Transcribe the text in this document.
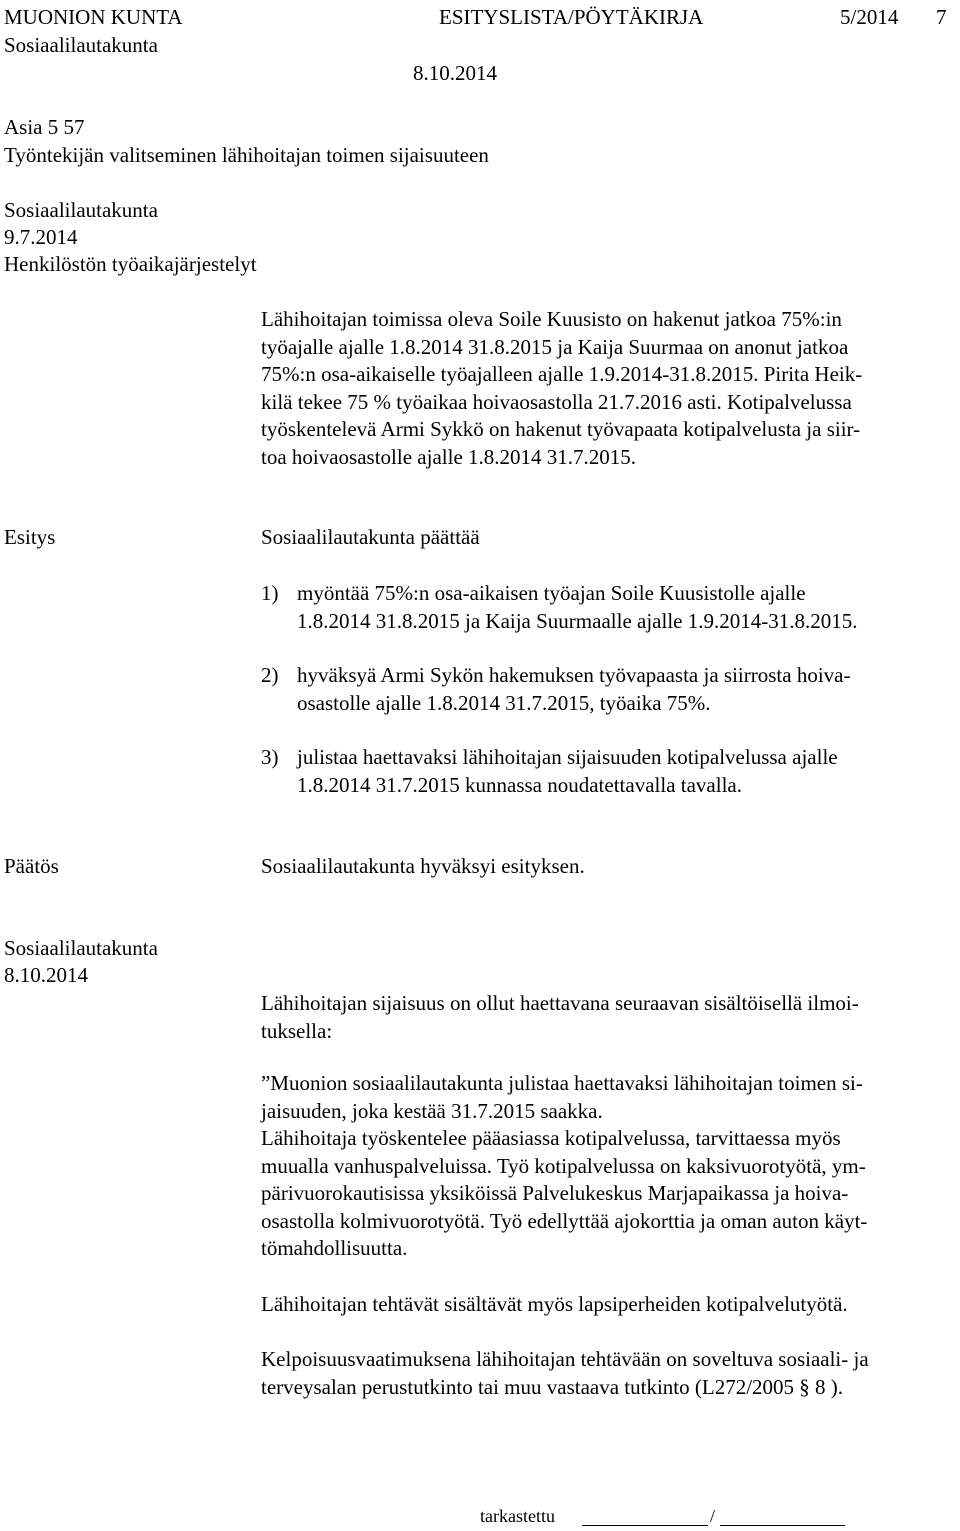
MUONION KUNTA	ESITYSLISTA/PÖYTÄKIRJA	5/2014 7
Sosiaalilautakunta
8.10.2014
Asia 5 57
Työntekijän valitseminen lähihoitajan toimen sijaisuuteen
Sosiaalilautakunta
9.7.2014
Henkilöstön työaikajärjestelyt

Lähihoitajan toimissa oleva Soile Kuusisto on hakenut jatkoa 75%:in

työajalle ajalle 1.8.2014 31.8.2015 ja Kaija Suurmaa on anonut jatkoa

75%:n osa-aikaiselle työajalleen ajalle 1.9.2014-31.8.2015. Pirita Heik-

kilä tekee 75 % työaikaa hoivaosastolla 21.7.2016 asti. Kotipalvelussa

työskentelevä Armi Sykkö on hakenut työvapaata kotipalvelusta ja siir-

toa hoivaosastolle ajalle 1.8.2014 31.7.2015.

Esitys	Sosiaalilautakunta päättää
1) myöntää 75%:n osa-aikaisen työajan Soile Kuusistolle ajalle
1.8.2014 31.8.2015 ja Kaija Suurmaalle ajalle 1.9.2014-31.8.2015.
2) hyväksyä Armi Sykön hakemuksen työvapaasta ja siirrosta hoiva-
osastolle ajalle 1.8.2014 31.7.2015, työaika 75%.
3) julistaa haettavaksi lähihoitajan sijaisuuden kotipalvelussa ajalle
1.8.2014 31.7.2015 kunnassa noudatettavalla tavalla.
Päätös	Sosiaalilautakunta hyväksyi esityksen.
Sosiaalilautakunta
8.10.2014
Lähihoitajan sijaisuus on ollut haettavana seuraavan sisältöisellä ilmoi-
tuksella:
”Muonion sosiaalilautakunta julistaa haettavaksi lähihoitajan toimen si-
jaisuuden, joka kestää 31.7.2015 saakka.
Lähihoitaja työskentelee pääasiassa kotipalvelussa, tarvittaessa myös
muualla vanhuspalveluissa. Työ kotipalvelussa on kaksivuorotyötä, ym-
pärivuorokautisissa yksiköissä Palvelukeskus Marjapaikassa ja hoiva-
osastolla kolmivuorotyötä. Työ edellyttää ajokorttia ja oman auton käyt-
tömahdollisuutta.
Lähihoitajan tehtävät sisältävät myös lapsiperheiden kotipalvelutyötä.
Kelpoisuusvaatimuksena lähihoitajan tehtävään on soveltuva sosiaali- ja
terveysalan perustutkinto tai muu vastaava tutkinto (L272/2005 § 8 ).
tarkastettu	/
